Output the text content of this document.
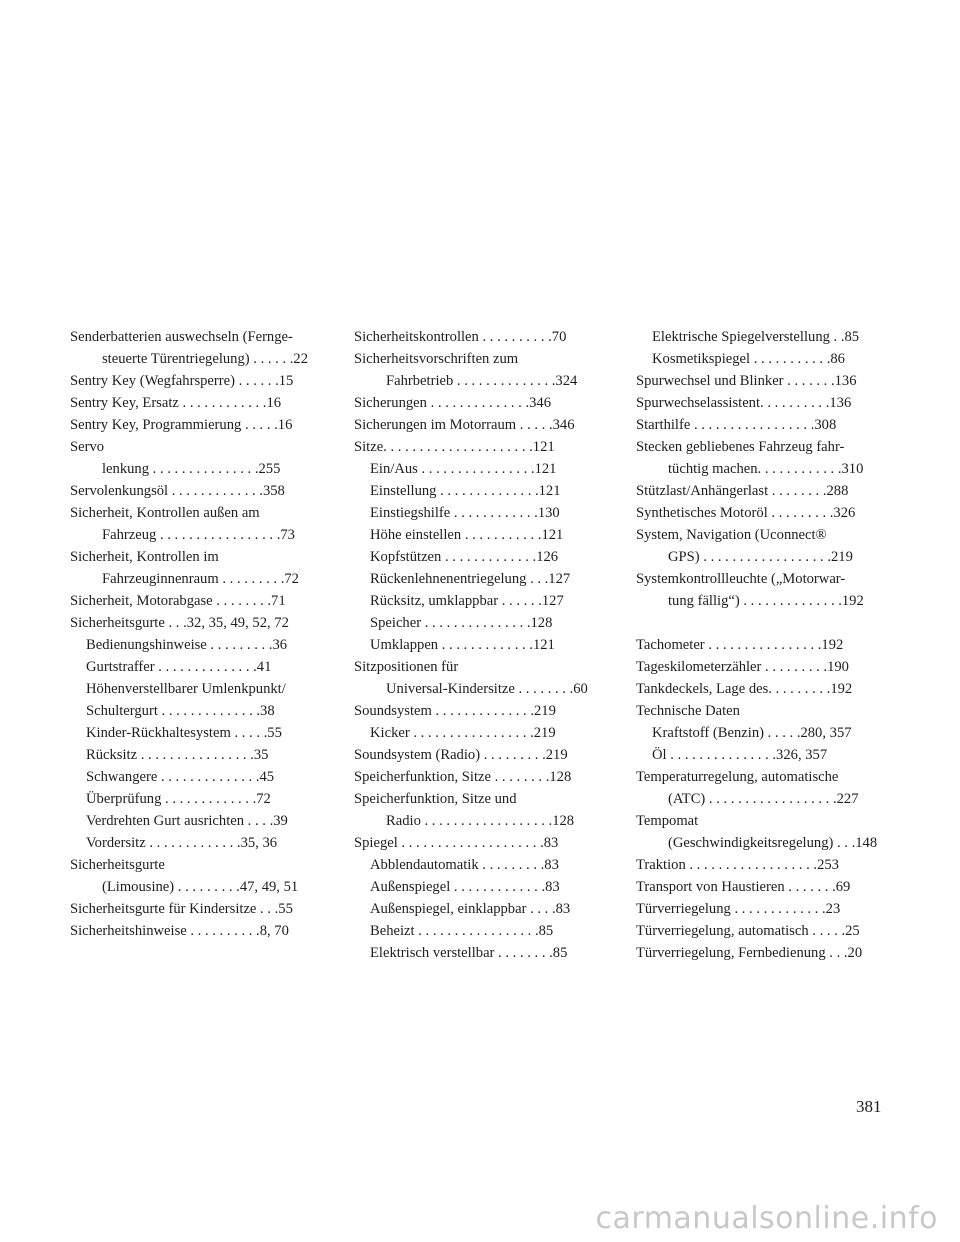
Senderbatterien auswechseln (Fernge-
steuerte Türentriegelung) . . . . . .22
Sentry Key (Wegfahrsperre) . . . . . .15
Sentry Key, Ersatz . . . . . . . . . . . .16
Sentry Key, Programmierung . . . . .16
Servo
lenkung . . . . . . . . . . . . . . .255
Servolenkungsöl . . . . . . . . . . . . .358
Sicherheit, Kontrollen außen am
Fahrzeug . . . . . . . . . . . . . . . . .73
Sicherheit, Kontrollen im
Fahrzeuginnenraum . . . . . . . . .72
Sicherheit, Motorabgase . . . . . . . .71
Sicherheitsgurte . . .32, 35, 49, 52, 72
Bedienungshinweise . . . . . . . . .36
Gurtstraffer . . . . . . . . . . . . . .41
Höhenverstellbarer Umlenkpunkt/
Schultergurt . . . . . . . . . . . . . .38
Kinder-Rückhaltesystem . . . . .55
Rücksitz . . . . . . . . . . . . . . . .35
Schwangere . . . . . . . . . . . . . .45
Überprüfung . . . . . . . . . . . . .72
Verdrehten Gurt ausrichten . . . .39
Vordersitz . . . . . . . . . . . . .35, 36
Sicherheitsgurte
(Limousine) . . . . . . . . .47, 49, 51
Sicherheitsgurte für Kindersitze . . .55
Sicherheitshinweise . . . . . . . . . .8, 70
Sicherheitskontrollen . . . . . . . . . .70
Sicherheitsvorschriften zum
Fahrbetrieb . . . . . . . . . . . . . .324
Sicherungen . . . . . . . . . . . . . .346
Sicherungen im Motorraum . . . . .346
Sitze. . . . . . . . . . . . . . . . . . . . .121
Ein/Aus . . . . . . . . . . . . . . . .121
Einstellung . . . . . . . . . . . . . .121
Einstiegshilfe . . . . . . . . . . . .130
Höhe einstellen . . . . . . . . . . .121
Kopfstützen . . . . . . . . . . . . .126
Rückenlehnenentriegelung . . .127
Rücksitz, umklappbar . . . . . .127
Speicher . . . . . . . . . . . . . . .128
Umklappen . . . . . . . . . . . . .121
Sitzpositionen für
Universal-Kindersitze . . . . . . . .60
Soundsystem . . . . . . . . . . . . . .219
Kicker . . . . . . . . . . . . . . . . .219
Soundsystem (Radio) . . . . . . . . .219
Speicherfunktion, Sitze . . . . . . . .128
Speicherfunktion, Sitze und
Radio . . . . . . . . . . . . . . . . . .128
Spiegel . . . . . . . . . . . . . . . . . . . .83
Abblendautomatik . . . . . . . . .83
Außenspiegel . . . . . . . . . . . . .83
Außenspiegel, einklappbar . . . .83
Beheizt . . . . . . . . . . . . . . . . .85
Elektrisch verstellbar . . . . . . . .85
Elektrische Spiegelverstellung . .85
Kosmetikspiegel . . . . . . . . . . .86
Spurwechsel und Blinker . . . . . . .136
Spurwechselassistent. . . . . . . . . .136
Starthilfe . . . . . . . . . . . . . . . . .308
Stecken gebliebenes Fahrzeug fahr-
tüchtig machen. . . . . . . . . . . .310
Stützlast/Anhängerlast . . . . . . . .288
Synthetisches Motoröl . . . . . . . . .326
System, Navigation (Uconnect®
GPS) . . . . . . . . . . . . . . . . . .219
Systemkontrollleuchte („Motorwar-
tung fällig“) . . . . . . . . . . . . . .192
Tachometer . . . . . . . . . . . . . . . .192
Tageskilometerzähler . . . . . . . . .190
Tankdeckels, Lage des. . . . . . . . .192
Technische Daten
Kraftstoff (Benzin) . . . . .280, 357
Öl . . . . . . . . . . . . . . .326, 357
Temperaturregelung, automatische
(ATC) . . . . . . . . . . . . . . . . . .227
Tempomat
(Geschwindigkeitsregelung) . . .148
Traktion . . . . . . . . . . . . . . . . . .253
Transport von Haustieren . . . . . . .69
Türverriegelung . . . . . . . . . . . . .23
Türverriegelung, automatisch . . . . .25
Türverriegelung, Fernbedienung . . .20
381
carmanualsonline.info
